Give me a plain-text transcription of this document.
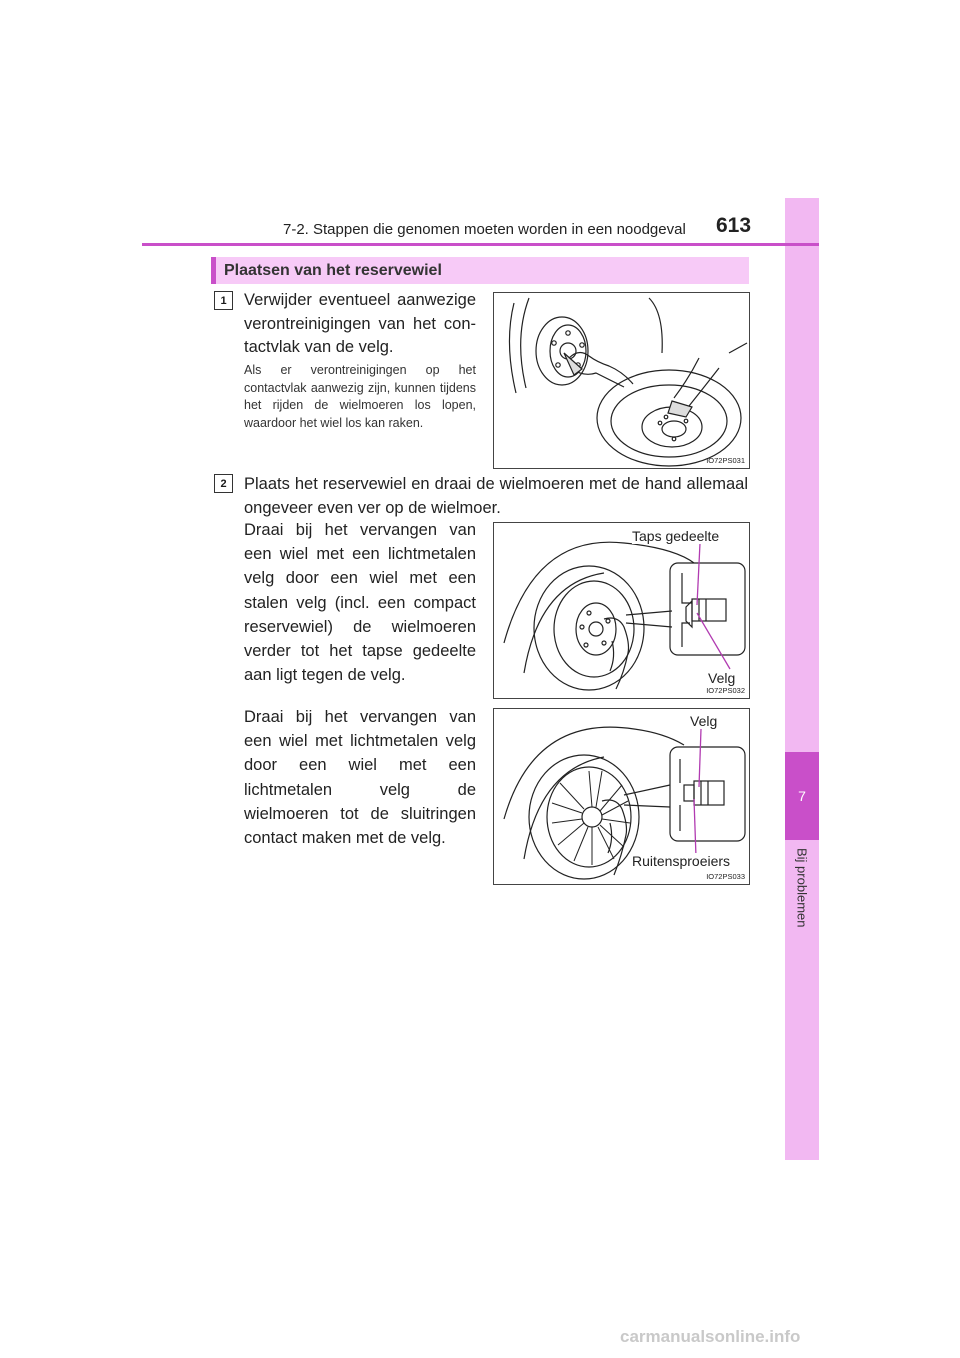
7
Bij problemen
7-2. Stappen die genomen moeten worden in een noodgeval 613
Plaatsen van het reservewiel
1	Verwijder eventueel aanwezige verontreinigingen van het contactvlak van de velg.
Als er verontreinigingen op het contactvlak aanwezig zijn, kunnen tijdens het rijden de wielmoeren los lopen, waardoor het wiel los kan raken.
IO72PS031
2	Plaats het reservewiel en draai de wielmoeren met de hand allemaal ongeveer even ver op de wielmoer.
Draai bij het vervangen van een wiel met een lichtmetalen velg door een wiel met een stalen velg (incl. een compact reservewiel) de wielmoeren verder tot het tapse gedeelte aan ligt tegen de velg.
Taps gedeelte
Velg
IO72PS032
Draai bij het vervangen van een wiel met lichtmetalen velg door een wiel met een lichtmetalen velg de wielmoeren tot de sluitringen contact maken met de velg.
Velg
Ruitensproeiers
IO72PS033
carmanualsonline.info
